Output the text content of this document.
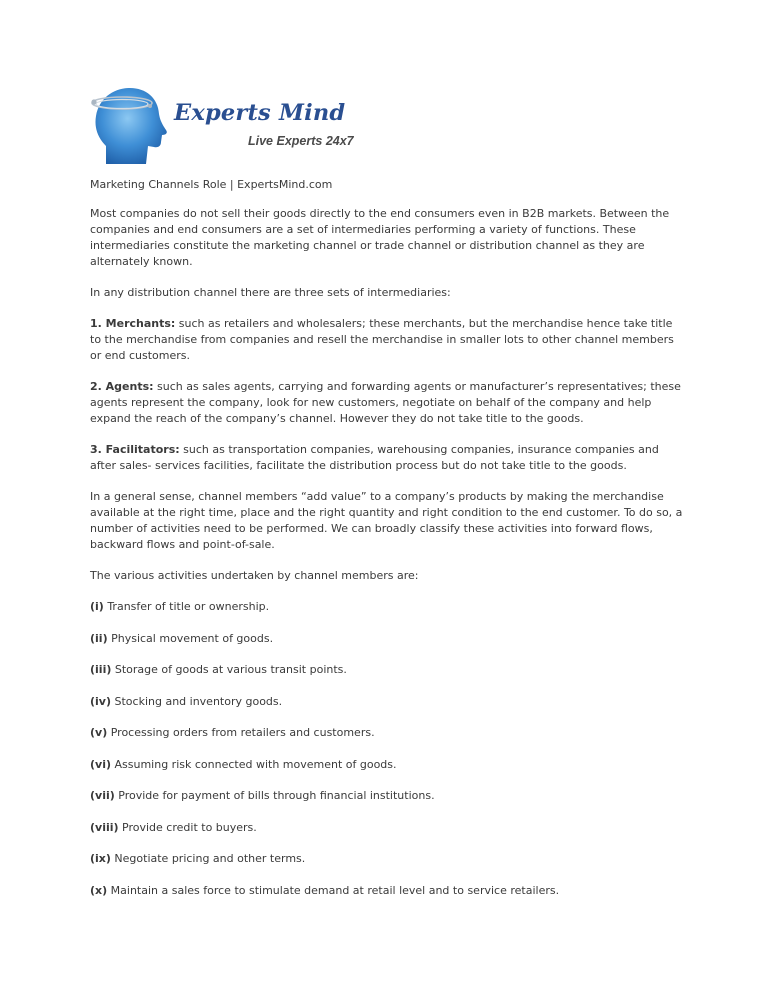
Experts Mind
Live Experts 24x7

Marketing Channels Role | ExpertsMind.com

Most companies do not sell their goods directly to the end consumers even in B2B markets. Between the companies and end consumers are a set of intermediaries performing a variety of functions. These intermediaries constitute the marketing channel or trade channel or distribution channel as they are alternately known.

In any distribution channel there are three sets of intermediaries:

1. Merchants: such as retailers and wholesalers; these merchants, but the merchandise hence take title to the merchandise from companies and resell the merchandise in smaller lots to other channel members or end customers.

2. Agents: such as sales agents, carrying and forwarding agents or manufacturer’s representatives; these agents represent the company, look for new customers, negotiate on behalf of the company and help expand the reach of the company’s channel. However they do not take title to the goods.

3. Facilitators: such as transportation companies, warehousing companies, insurance companies and after sales- services facilities, facilitate the distribution process but do not take title to the goods.

In a general sense, channel members “add value” to a company’s products by making the merchandise available at the right time, place and the right quantity and right condition to the end customer. To do so, a number of activities need to be performed. We can broadly classify these activities into forward flows, backward flows and point-of-sale.

The various activities undertaken by channel members are:

(i) Transfer of title or ownership.

(ii) Physical movement of goods.

(iii) Storage of goods at various transit points.

(iv) Stocking and inventory goods.

(v) Processing orders from retailers and customers.

(vi) Assuming risk connected with movement of goods.

(vii) Provide for payment of bills through financial institutions.

(viii) Provide credit to buyers.

(ix) Negotiate pricing and other terms.

(x) Maintain a sales force to stimulate demand at retail level and to service retailers.
